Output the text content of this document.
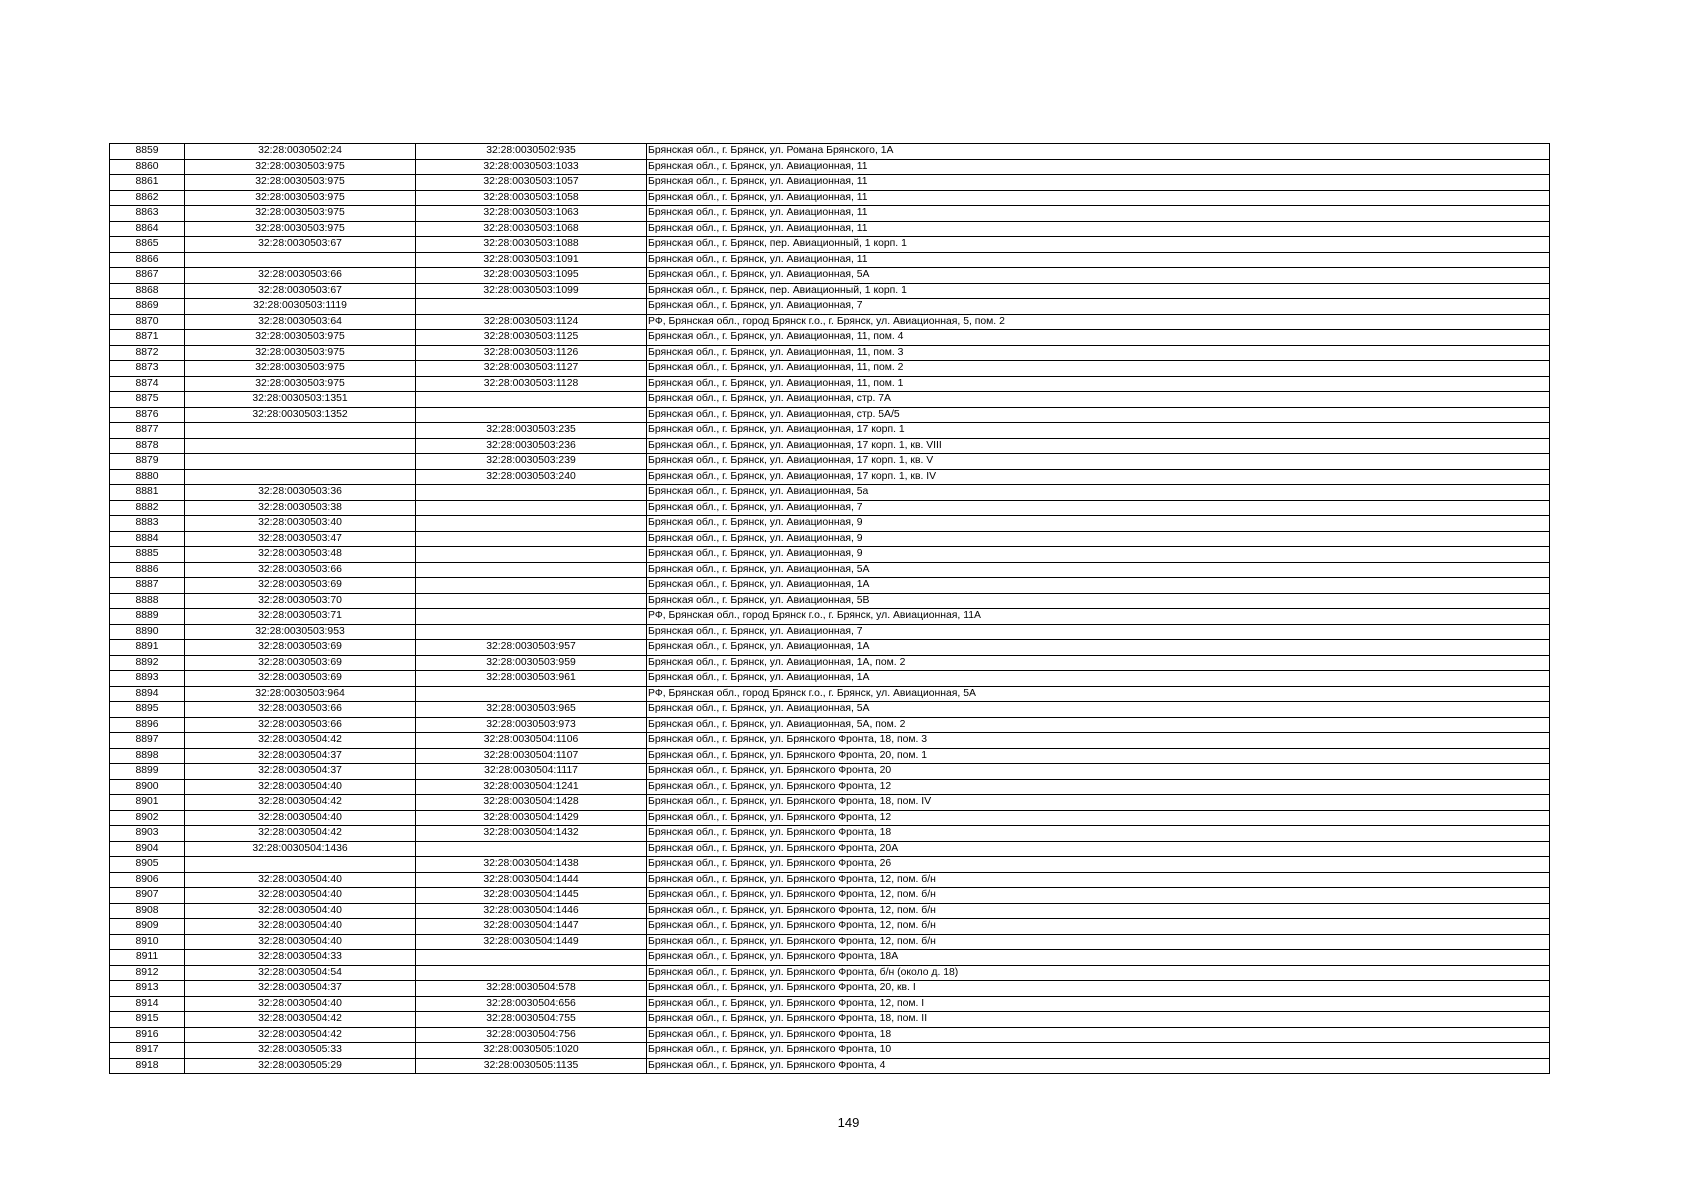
8859	32:28:0030502:24	32:28:0030502:935	Брянская обл., г. Брянск, ул. Романа Брянского, 1А
8860	32:28:0030503:975	32:28:0030503:1033	Брянская обл., г. Брянск, ул. Авиационная, 11
8861	32:28:0030503:975	32:28:0030503:1057	Брянская обл., г. Брянск, ул. Авиационная, 11
8862	32:28:0030503:975	32:28:0030503:1058	Брянская обл., г. Брянск, ул. Авиационная, 11
8863	32:28:0030503:975	32:28:0030503:1063	Брянская обл., г. Брянск, ул. Авиационная, 11
8864	32:28:0030503:975	32:28:0030503:1068	Брянская обл., г. Брянск, ул. Авиационная, 11
8865	32:28:0030503:67	32:28:0030503:1088	Брянская обл., г. Брянск, пер. Авиационный, 1 корп. 1
8866		32:28:0030503:1091	Брянская обл., г. Брянск, ул. Авиационная, 11
8867	32:28:0030503:66	32:28:0030503:1095	Брянская обл., г. Брянск, ул. Авиационная, 5А
8868	32:28:0030503:67	32:28:0030503:1099	Брянская обл., г. Брянск, пер. Авиационный, 1 корп. 1
8869	32:28:0030503:1119		Брянская обл., г. Брянск, ул. Авиационная, 7
8870	32:28:0030503:64	32:28:0030503:1124	РФ, Брянская обл., город Брянск г.о., г. Брянск, ул. Авиационная, 5, пом. 2
8871	32:28:0030503:975	32:28:0030503:1125	Брянская обл., г. Брянск, ул. Авиационная, 11, пом. 4
8872	32:28:0030503:975	32:28:0030503:1126	Брянская обл., г. Брянск, ул. Авиационная, 11, пом. 3
8873	32:28:0030503:975	32:28:0030503:1127	Брянская обл., г. Брянск, ул. Авиационная, 11, пом. 2
8874	32:28:0030503:975	32:28:0030503:1128	Брянская обл., г. Брянск, ул. Авиационная, 11, пом. 1
8875	32:28:0030503:1351		Брянская обл., г. Брянск, ул. Авиационная, стр. 7А
8876	32:28:0030503:1352		Брянская обл., г. Брянск, ул. Авиационная, стр. 5А/5
8877		32:28:0030503:235	Брянская обл., г. Брянск, ул. Авиационная, 17 корп. 1
8878		32:28:0030503:236	Брянская обл., г. Брянск, ул. Авиационная, 17 корп. 1, кв. VIII
8879		32:28:0030503:239	Брянская обл., г. Брянск, ул. Авиационная, 17 корп. 1, кв. V
8880		32:28:0030503:240	Брянская обл., г. Брянск, ул. Авиационная, 17 корп. 1, кв. IV
8881	32:28:0030503:36		Брянская обл., г. Брянск, ул. Авиационная, 5а
8882	32:28:0030503:38		Брянская обл., г. Брянск, ул. Авиационная, 7
8883	32:28:0030503:40		Брянская обл., г. Брянск, ул. Авиационная, 9
8884	32:28:0030503:47		Брянская обл., г. Брянск, ул. Авиационная, 9
8885	32:28:0030503:48		Брянская обл., г. Брянск, ул. Авиационная, 9
8886	32:28:0030503:66		Брянская обл., г. Брянск, ул. Авиационная, 5А
8887	32:28:0030503:69		Брянская обл., г. Брянск, ул. Авиационная, 1А
8888	32:28:0030503:70		Брянская обл., г. Брянск, ул. Авиационная, 5В
8889	32:28:0030503:71		РФ, Брянская обл., город Брянск г.о., г. Брянск, ул. Авиационная, 11А
8890	32:28:0030503:953		Брянская обл., г. Брянск, ул. Авиационная, 7
8891	32:28:0030503:69	32:28:0030503:957	Брянская обл., г. Брянск, ул. Авиационная, 1А
8892	32:28:0030503:69	32:28:0030503:959	Брянская обл., г. Брянск, ул. Авиационная, 1А, пом. 2
8893	32:28:0030503:69	32:28:0030503:961	Брянская обл., г. Брянск, ул. Авиационная, 1А
8894	32:28:0030503:964		РФ, Брянская обл., город Брянск г.о., г. Брянск, ул. Авиационная, 5А
8895	32:28:0030503:66	32:28:0030503:965	Брянская обл., г. Брянск, ул. Авиационная, 5А
8896	32:28:0030503:66	32:28:0030503:973	Брянская обл., г. Брянск, ул. Авиационная, 5А, пом. 2
8897	32:28:0030504:42	32:28:0030504:1106	Брянская обл., г. Брянск, ул. Брянского Фронта, 18, пом. 3
8898	32:28:0030504:37	32:28:0030504:1107	Брянская обл., г. Брянск, ул. Брянского Фронта, 20, пом. 1
8899	32:28:0030504:37	32:28:0030504:1117	Брянская обл., г. Брянск, ул. Брянского Фронта, 20
8900	32:28:0030504:40	32:28:0030504:1241	Брянская обл., г. Брянск, ул. Брянского Фронта, 12
8901	32:28:0030504:42	32:28:0030504:1428	Брянская обл., г. Брянск, ул. Брянского Фронта, 18, пом. IV
8902	32:28:0030504:40	32:28:0030504:1429	Брянская обл., г. Брянск, ул. Брянского Фронта, 12
8903	32:28:0030504:42	32:28:0030504:1432	Брянская обл., г. Брянск, ул. Брянского Фронта, 18
8904	32:28:0030504:1436		Брянская обл., г. Брянск, ул. Брянского Фронта, 20А
8905		32:28:0030504:1438	Брянская обл., г. Брянск, ул. Брянского Фронта, 26
8906	32:28:0030504:40	32:28:0030504:1444	Брянская обл., г. Брянск, ул. Брянского Фронта, 12, пом. б/н
8907	32:28:0030504:40	32:28:0030504:1445	Брянская обл., г. Брянск, ул. Брянского Фронта, 12, пом. б/н
8908	32:28:0030504:40	32:28:0030504:1446	Брянская обл., г. Брянск, ул. Брянского Фронта, 12, пом. б/н
8909	32:28:0030504:40	32:28:0030504:1447	Брянская обл., г. Брянск, ул. Брянского Фронта, 12, пом. б/н
8910	32:28:0030504:40	32:28:0030504:1449	Брянская обл., г. Брянск, ул. Брянского Фронта, 12, пом. б/н
8911	32:28:0030504:33		Брянская обл., г. Брянск, ул. Брянского Фронта, 18А
8912	32:28:0030504:54		Брянская обл., г. Брянск, ул. Брянского Фронта, б/н (около д. 18)
8913	32:28:0030504:37	32:28:0030504:578	Брянская обл., г. Брянск, ул. Брянского Фронта, 20, кв. I
8914	32:28:0030504:40	32:28:0030504:656	Брянская обл., г. Брянск, ул. Брянского Фронта, 12, пом. I
8915	32:28:0030504:42	32:28:0030504:755	Брянская обл., г. Брянск, ул. Брянского Фронта, 18, пом. II
8916	32:28:0030504:42	32:28:0030504:756	Брянская обл., г. Брянск, ул. Брянского Фронта, 18
8917	32:28:0030505:33	32:28:0030505:1020	Брянская обл., г. Брянск, ул. Брянского Фронта, 10
8918	32:28:0030505:29	32:28:0030505:1135	Брянская обл., г. Брянск, ул. Брянского Фронта, 4
149
